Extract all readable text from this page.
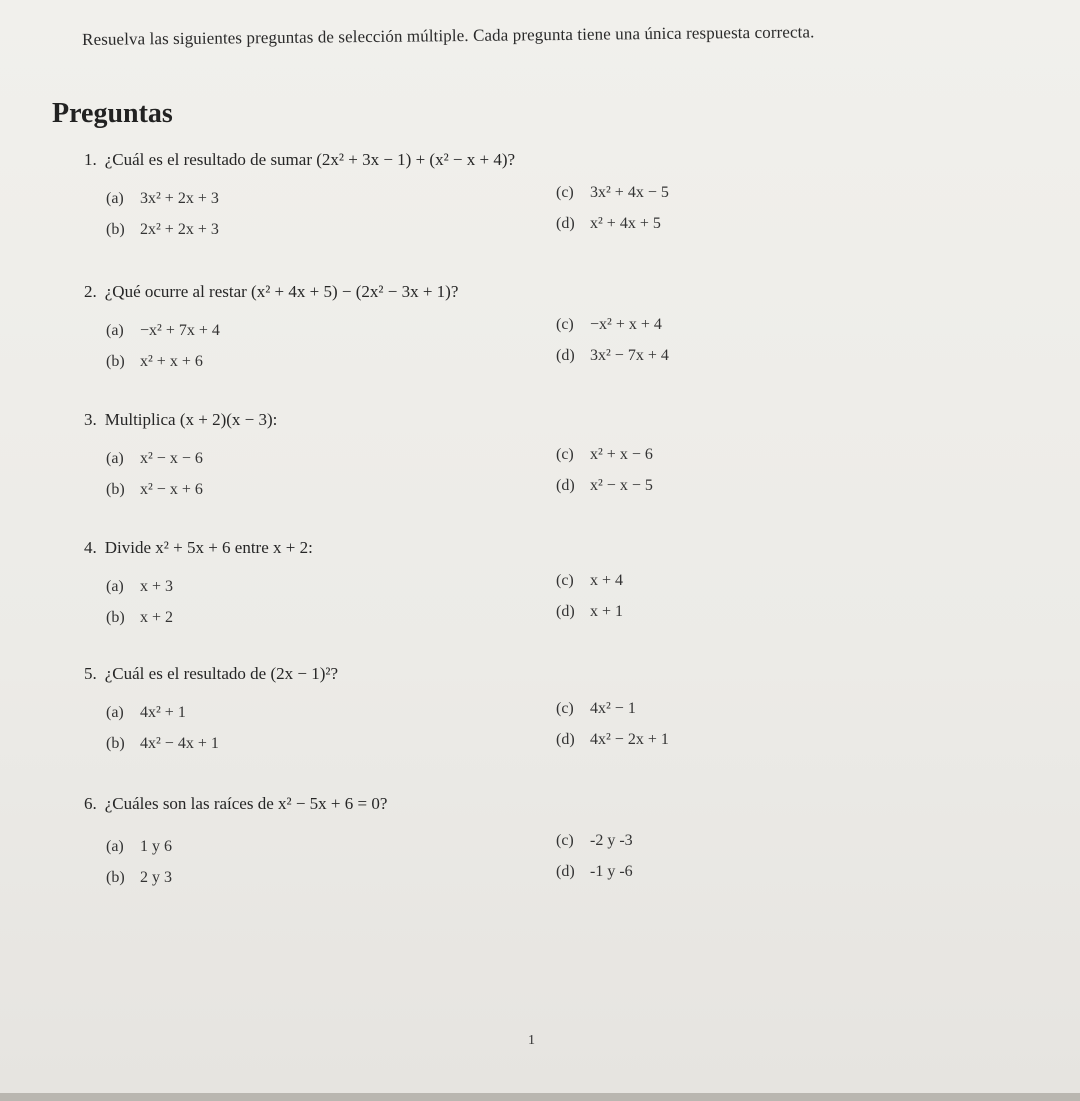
Resuelva las siguientes preguntas de selección múltiple. Cada pregunta tiene una única respuesta correcta.
Preguntas
1. ¿Cuál es el resultado de sumar (2x² + 3x − 1) + (x² − x + 4)?
(a) 3x² + 2x + 3
(b) 2x² + 2x + 3
(c) 3x² + 4x − 5
(d) x² + 4x + 5
2. ¿Qué ocurre al restar (x² + 4x + 5) − (2x² − 3x + 1)?
(a) −x² + 7x + 4
(b) x² + x + 6
(c) −x² + x + 4
(d) 3x² − 7x + 4
3. Multiplica (x + 2)(x − 3):
(a) x² − x − 6
(b) x² − x + 6
(c) x² + x − 6
(d) x² − x − 5
4. Divide x² + 5x + 6 entre x + 2:
(a) x + 3
(b) x + 2
(c) x + 4
(d) x + 1
5. ¿Cuál es el resultado de (2x − 1)²?
(a) 4x² + 1
(b) 4x² − 4x + 1
(c) 4x² − 1
(d) 4x² − 2x + 1
6. ¿Cuáles son las raíces de x² − 5x + 6 = 0?
(a) 1 y 6
(b) 2 y 3
(c) -2 y -3
(d) -1 y -6
1
